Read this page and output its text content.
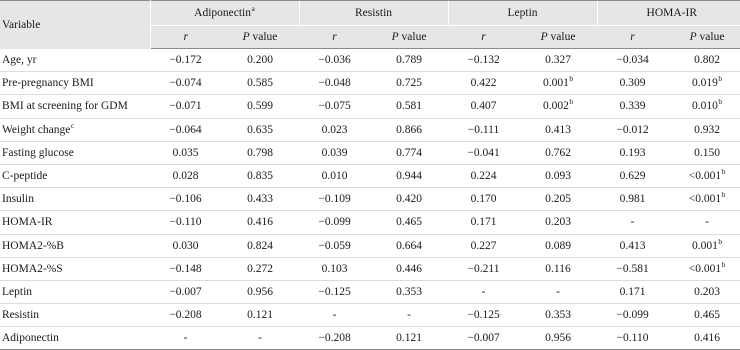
Variable	Adiponectin$^a$		Resistin		Leptin		HOMA-IR	
	r	P value	r	P value	r	P value	r	P value
Age, yr	−0.172	0.200	−0.036	0.789	−0.132	0.327	−0.034	0.802
Pre-pregnancy BMI	−0.074	0.585	−0.048	0.725	0.422	0.001$^b$	0.309	0.019$^b$
BMI at screening for GDM	−0.071	0.599	−0.075	0.581	0.407	0.002$^b$	0.339	0.010$^b$
Weight change$^c$	−0.064	0.635	0.023	0.866	−0.111	0.413	−0.012	0.932
Fasting glucose	0.035	0.798	0.039	0.774	−0.041	0.762	0.193	0.150
C-peptide	0.028	0.835	0.010	0.944	0.224	0.093	0.629	<0.001$^b$
Insulin	−0.106	0.433	−0.109	0.420	0.170	0.205	0.981	<0.001$^b$
HOMA-IR	−0.110	0.416	−0.099	0.465	0.171	0.203	-	-
HOMA2-%B	0.030	0.824	−0.059	0.664	0.227	0.089	0.413	0.001$^b$
HOMA2-%S	−0.148	0.272	0.103	0.446	−0.211	0.116	−0.581	<0.001$^b$
Leptin	−0.007	0.956	−0.125	0.353	-	-	0.171	0.203
Resistin	−0.208	0.121	-	-	−0.125	0.353	−0.099	0.465
Adiponectin	-	-	−0.208	0.121	−0.007	0.956	−0.110	0.416
